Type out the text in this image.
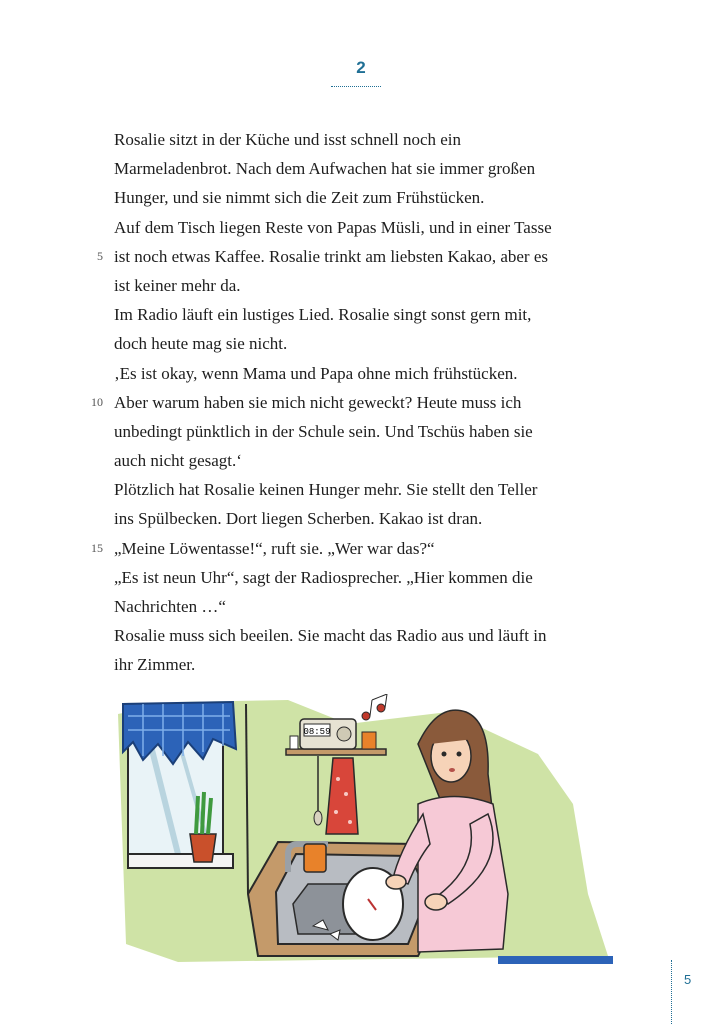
2
Rosalie sitzt in der Küche und isst schnell noch ein
Marmeladenbrot. Nach dem Aufwachen hat sie immer großen
Hunger, und sie nimmt sich die Zeit zum Frühstücken.
Auf dem Tisch liegen Reste von Papas Müsli, und in einer Tasse
5 ist noch etwas Kaffee. Rosalie trinkt am liebsten Kakao, aber es
ist keiner mehr da.
Im Radio läuft ein lustiges Lied. Rosalie singt sonst gern mit,
doch heute mag sie nicht.
‚Es ist okay, wenn Mama und Papa ohne mich frühstücken.
10 Aber warum haben sie mich nicht geweckt? Heute muss ich
unbedingt pünktlich in der Schule sein. Und Tschüs haben sie
auch nicht gesagt.‘
Plötzlich hat Rosalie keinen Hunger mehr. Sie stellt den Teller
ins Spülbecken. Dort liegen Scherben. Kakao ist dran.
15 „Meine Löwentasse!“, ruft sie. „Wer war das?“
„Es ist neun Uhr“, sagt der Radiosprecher. „Hier kommen die
Nachrichten …“
Rosalie muss sich beeilen. Sie macht das Radio aus und läuft in
ihr Zimmer.
08:59
5
